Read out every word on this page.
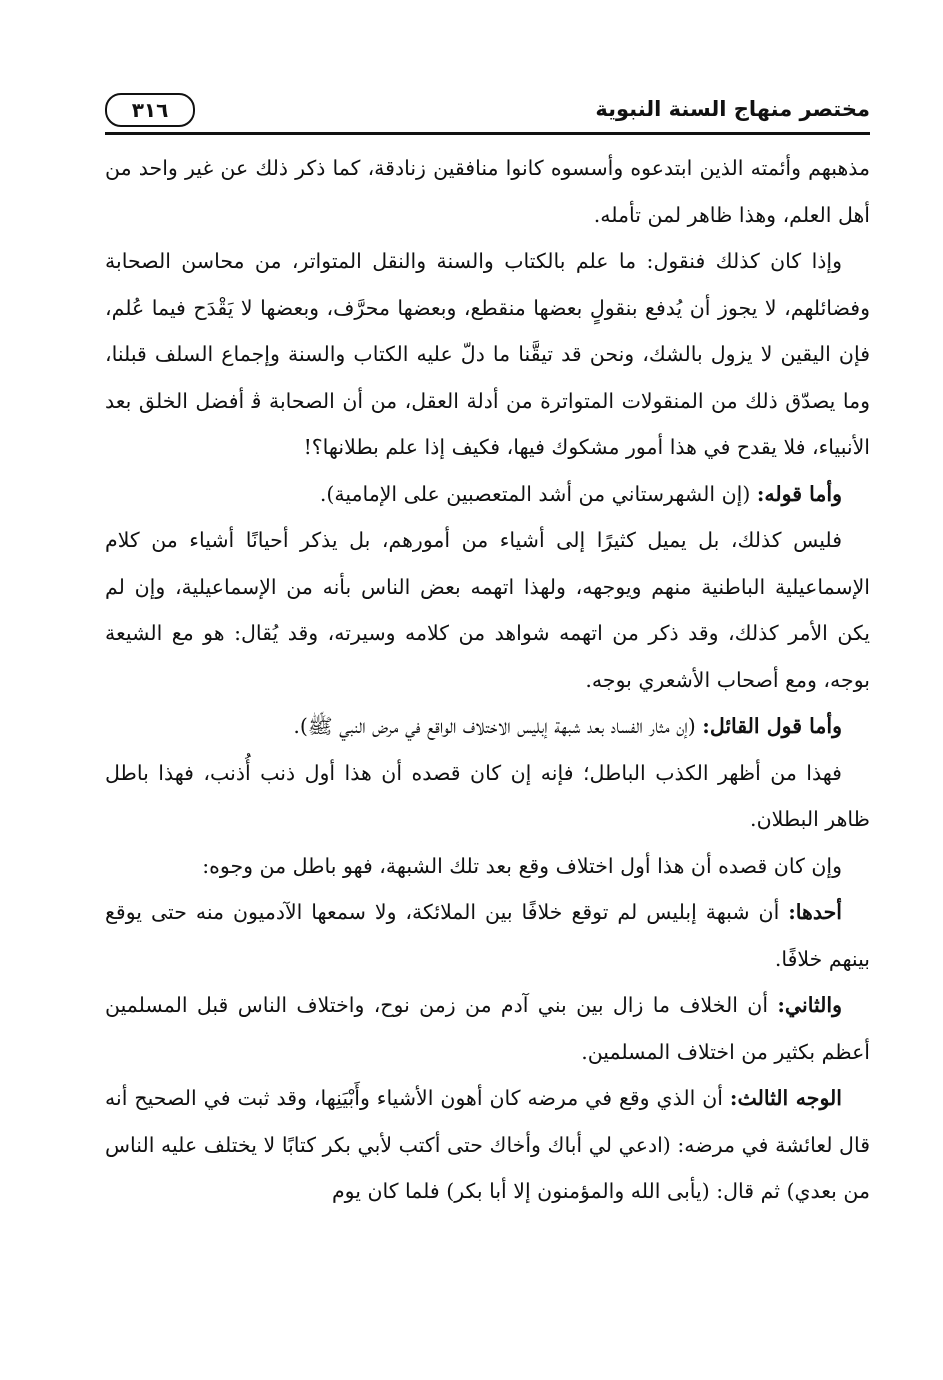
مختصر منهاج السنة النبوية
٣١٦

مذهبهم وأئمته الذين ابتدعوه وأسسوه كانوا منافقين زنادقة، كما ذكر ذلك عن غير واحد من أهل العلم، وهذا ظاهر لمن تأمله.

وإذا كان كذلك فنقول: ما علم بالكتاب والسنة والنقل المتواتر، من محاسن الصحابة وفضائلهم، لا يجوز أن يُدفع بنقولٍ بعضها منقطع، وبعضها محرَّف، وبعضها لا يَقْدَح فيما عُلم، فإن اليقين لا يزول بالشك، ونحن قد تيقَّنا ما دلّ عليه الكتاب والسنة وإجماع السلف قبلنا، وما يصدّق ذلك من المنقولات المتواترة من أدلة العقل، من أن الصحابة ﭬ أفضل الخلق بعد الأنبياء، فلا يقدح في هذا أمور مشكوك فيها، فكيف إذا علم بطلانها؟!

وأما قوله: (إن الشهرستاني من أشد المتعصبين على الإمامية).

فليس كذلك، بل يميل كثيرًا إلى أشياء من أمورهم، بل يذكر أحيانًا أشياء من كلام الإسماعيلية الباطنية منهم ويوجهه، ولهذا اتهمه بعض الناس بأنه من الإسماعيلية، وإن لم يكن الأمر كذلك، وقد ذكر من اتهمه شواهد من كلامه وسيرته، وقد يُقال: هو مع الشيعة بوجه، ومع أصحاب الأشعري بوجه.

وأما قول القائل: (إن مثار الفساد بعد شبهة إبليس الاختلاف الواقع في مرض النبي ﷺ).

فهذا من أظهر الكذب الباطل؛ فإنه إن كان قصده أن هذا أول ذنب أُذنب، فهذا باطل ظاهر البطلان.

وإن كان قصده أن هذا أول اختلاف وقع بعد تلك الشبهة، فهو باطل من وجوه:

أحدها: أن شبهة إبليس لم توقع خلافًا بين الملائكة، ولا سمعها الآدميون منه حتى يوقع بينهم خلافًا.

والثاني: أن الخلاف ما زال بين بني آدم من زمن نوح، واختلاف الناس قبل المسلمين أعظم بكثير من اختلاف المسلمين.

الوجه الثالث: أن الذي وقع في مرضه كان أهون الأشياء وأَبْيَنِها، وقد ثبت في الصحيح أنه قال لعائشة في مرضه: (ادعي لي أباك وأخاك حتى أكتب لأبي بكر كتابًا لا يختلف عليه الناس من بعدي) ثم قال: (يأبى الله والمؤمنون إلا أبا بكر) فلما كان يوم
